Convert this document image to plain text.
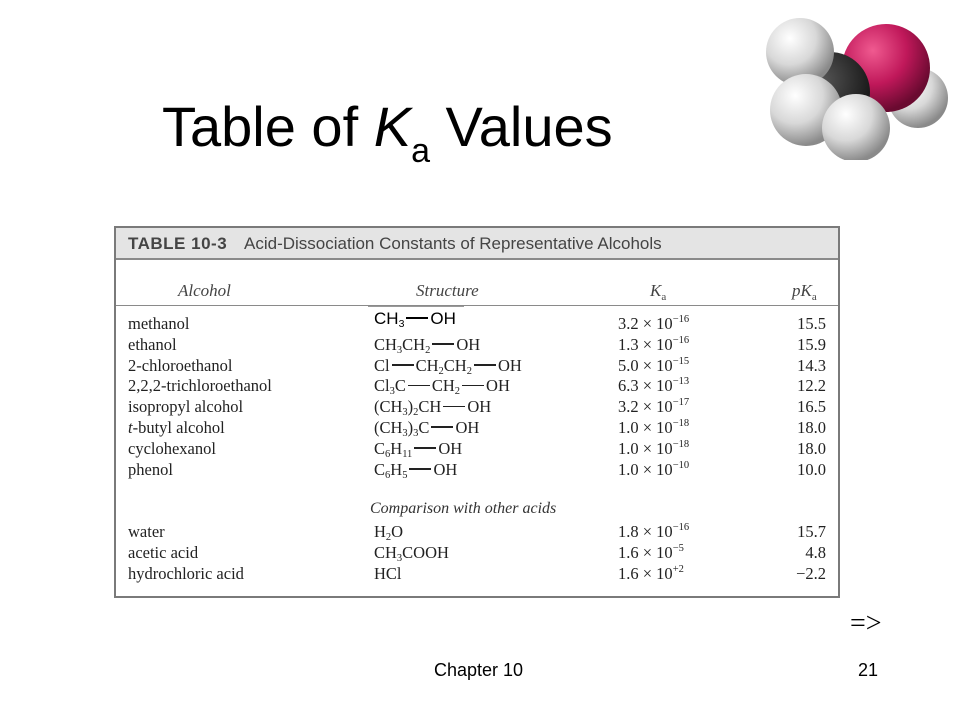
Table of $K_a$ Values
TABLE 10-3 Acid-Dissociation Constants of Representative Alcohols
Alcohol	Structure	$K_a$	$pK_a$
methanol	$CH_3$ OH	$3.2 \times 10^{-16}$	15.5
ethanol	$CH_3CH_2$ OH	$1.3 \times 10^{-16}$	15.9
2-chloroethanol	Cl $CH_2CH_2$ OH	$5.0 \times 10^{-15}$	14.3
2,2,2-trichloroethanol	$Cl_3C$ $CH_2$ OH	$6.3 \times 10^{-13}$	12.2
isopropyl alcohol	$(CH_3)_2CH$ OH	$3.2 \times 10^{-17}$	16.5
t-butyl alcohol	$(CH_3)_3C$ OH	$1.0 \times 10^{-18}$	18.0
cyclohexanol	$C_6H_{11}$ OH	$1.0 \times 10^{-18}$	18.0
phenol	$C_6H_5$ OH	$1.0 \times 10^{-10}$	10.0
Comparison with other acids
water	$H_2O$	$1.8 \times 10^{-16}$	15.7
acetic acid	$CH_3COOH$	$1.6 \times 10^{-5}$	4.8
hydrochloric acid	HCl	$1.6 \times 10^{+2}$	−2.2
=>
Chapter 10	21
